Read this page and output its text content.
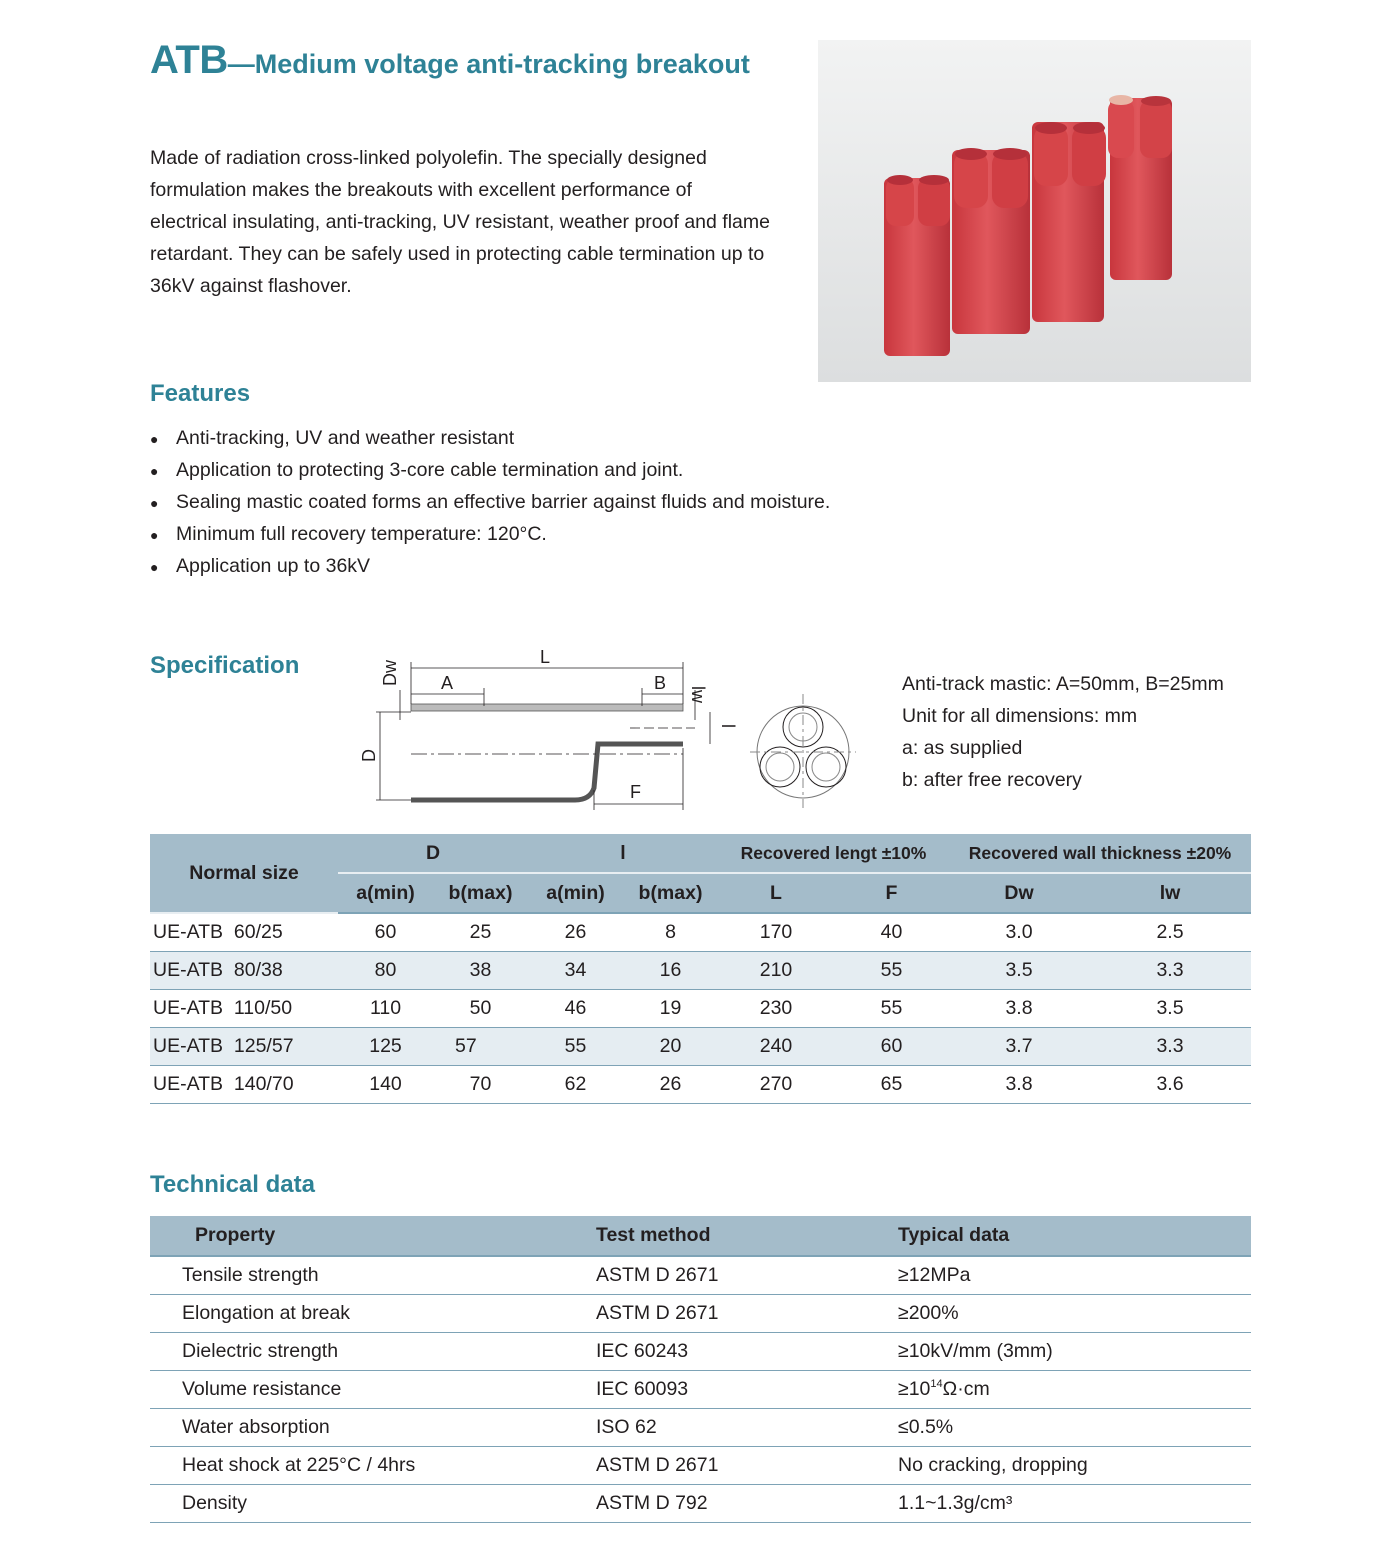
ATB—Medium voltage anti-tracking breakout
Made of radiation cross-linked polyolefin. The specially designed formulation makes the breakouts with excellent performance of electrical insulating, anti-tracking, UV resistant, weather proof and flame retardant. They can be safely used in protecting cable termination up to 36kV against flashover.
Features
● Anti-tracking, UV and weather resistant
● Application to protecting 3-core cable termination and joint.
● Sealing mastic coated forms an effective barrier against fluids and moisture.
● Minimum full recovery temperature: 120°C.
● Application up to 36kV
Specification	L
A	B
F
Dw
D
lw
l
Anti-track mastic: A=50mm, B=25mm
Unit for all dimensions: mm
a: as supplied
b: after free recovery
Normal size	D		l		Recovered lengt ±10%		Recovered wall thickness ±20%	
	a(min)	b(max)	a(min)	b(max)	L	F	Dw	lw
UE-ATB  60/25	60	25	26	8	170	40	3.0	2.5
UE-ATB  80/38	80	38	34	16	210	55	3.5	3.3
UE-ATB  110/50	110	50	46	19	230	55	3.8	3.5
UE-ATB  125/57	125	57	55	20	240	60	3.7	3.3
UE-ATB  140/70	140	70	62	26	270	65	3.8	3.6
Technical data
Property	Test method	Typical data
Tensile strength	ASTM D 2671	≥12MPa
Elongation at break	ASTM D 2671	≥200%
Dielectric strength	IEC 60243	≥10kV/mm (3mm)
Volume resistance	IEC 60093	$\ge 10^{14}\Omega\cdot cm$
Water absorption	ISO 62	≤0.5%
Heat shock at 225°C / 4hrs	ASTM D 2671	No cracking, dropping
Density	ASTM D 792	1.1~1.3g/cm³
